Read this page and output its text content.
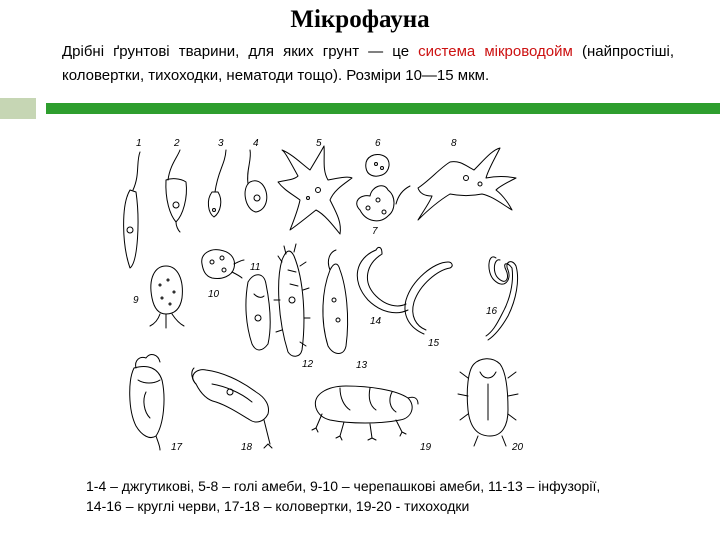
Мікрофауна
Дрібні ґрунтові тварини, для яких грунт — це система мікроводойм (найпростіші, коловертки, тихоходки, нематоди тощо). Розміри 10—15 мкм.
1	2	3	4	5	6
7
8
9
10
11
12	13
14
15
16
17	18	19	20
1-4 – джгутикові, 5-8 – голі амеби, 9-10 – черепашкові амеби, 11-13 – інфузорії,
14-16 – круглі черви, 17-18 – коловертки, 19-20 - тихоходки
